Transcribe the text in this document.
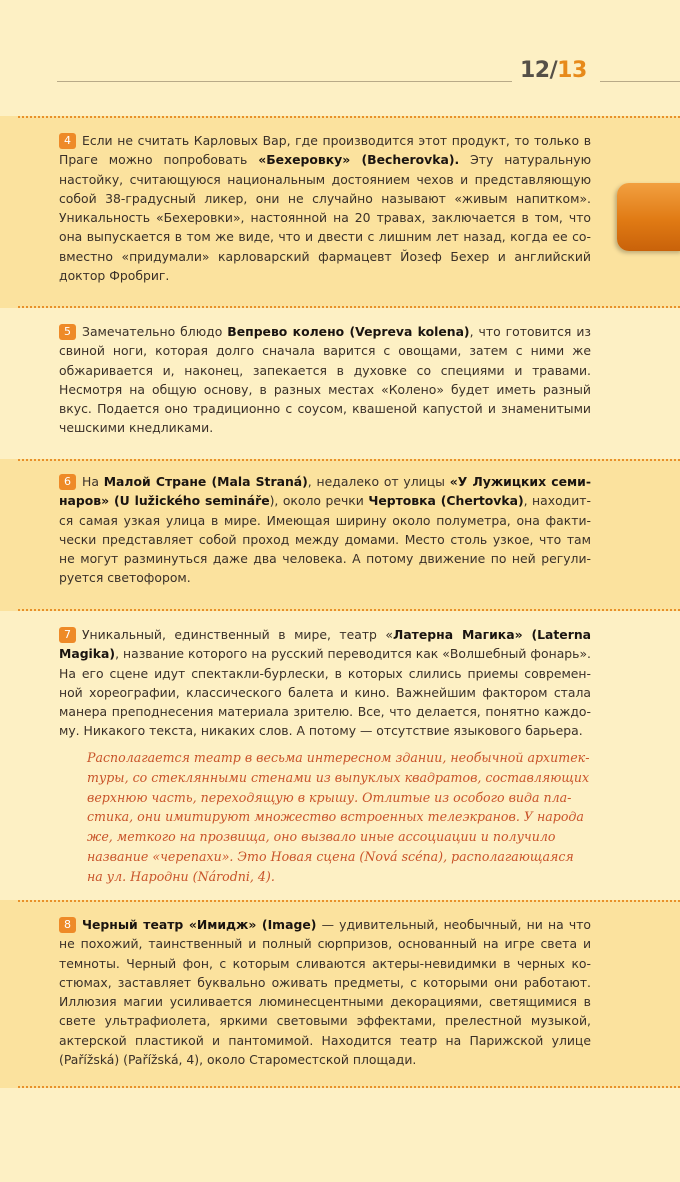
12/13
4 Если не считать Карловых Вар, где производится этот продукт, то только в Праге можно попробовать «Бехеровку» (Becherovka). Эту натуральную настойку, считающуюся национальным достоянием чехов и представляющую собой 38-градусный ликер, они не случайно называют «живым напитком». Уникальность «Бехеровки», настоянной на 20 травах, заключается в том, что она выпускается в том же виде, что и двести с лишним лет назад, когда ее совместно «придумали» карловарский фармацевт Йозеф Бехер и английский доктор Фробриг.
5 Замечательно блюдо Вепрево колено (Vepreva kolena), что готовится из свиной ноги, которая долго сначала варится с овощами, затем с ними же обжаривается и, наконец, запекается в духовке со специями и травами. Несмотря на общую основу, в разных местах «Колено» будет иметь разный вкус. Подается оно традиционно с соусом, квашеной капустой и знаменитыми чешскими кнедликами.
6 На Малой Стране (Mala Straná), недалеко от улицы «У Лужицких семинаров» (U lužického semináře), около речки Чертовка (Chertovka), находится самая узкая улица в мире. Имеющая ширину около полуметра, она фактически представляет собой проход между домами. Место столь узкое, что там не могут разминуться даже два человека. А потому движение по ней регулируется светофором.
7 Уникальный, единственный в мире, театр «Латерна Магика» (Laterna Magika), название которого на русский переводится как «Волшебный фонарь». На его сцене идут спектакли-бурлески, в которых слились приемы современной хореографии, классического балета и кино. Важнейшим фактором стала манера преподнесения материала зрителю. Все, что делается, понятно каждому. Никакого текста, никаких слов. А потому — отсутствие языкового барьера.
Располагается театр в весьма интересном здании, необычной архитектуры, со стеклянными стенами из выпуклых квадратов, составляющих верхнюю часть, переходящую в крышу. Отлитые из особого вида пластика, они имитируют множество встроенных телеэкранов. У народа же, меткого на прозвища, оно вызвало иные ассоциации и получило название «черепахи». Это Новая сцена (Nová scéna), располагающаяся на ул. Народни (Národni, 4).
8 Черный театр «Имидж» (Image) — удивительный, необычный, ни на что не похожий, таинственный и полный сюрпризов, основанный на игре света и темноты. Черный фон, с которым сливаются актеры-невидимки в черных костюмах, заставляет буквально оживать предметы, с которыми они работают. Иллюзия магии усиливается люминесцентными декорациями, светящимися в свете ультрафиолета, яркими световыми эффектами, прелестной музыкой, актерской пластикой и пантомимой. Находится театр на Парижской улице (Pařížská) (Pařížská, 4), около Староместской площади.
